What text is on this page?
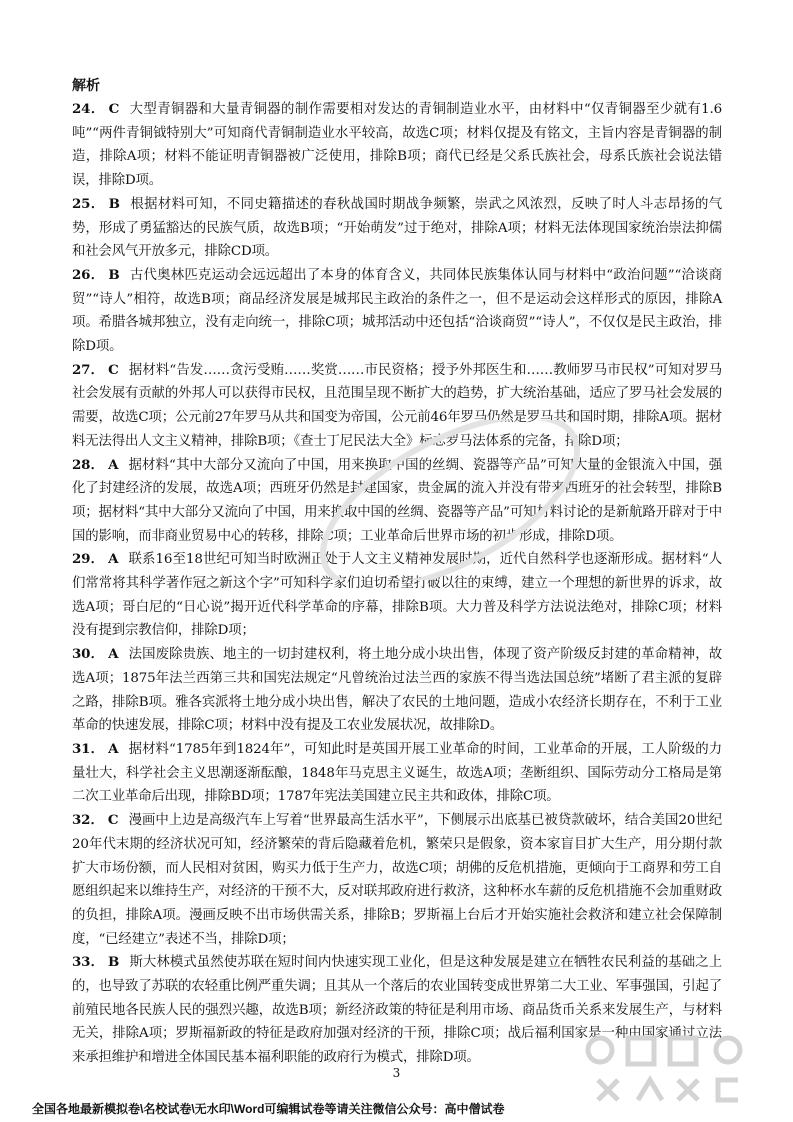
解析

24． C 大型青铜器和大量青铜器的制作需要相对发达的青铜制造业水平，由材料中“仅青铜器至少就有1.6吨”“两件青铜钺特别大”可知商代青铜制造业水平较高，故选C项；材料仅提及有铭文，主旨内容是青铜器的制造，排除A项；材料不能证明青铜器被广泛使用，排除B项；商代已经是父系氏族社会，母系氏族社会说法错误，排除D项。

25． B 根据材料可知，不同史籍描述的春秋战国时期战争频繁，崇武之风浓烈，反映了时人斗志昂扬的气势，形成了勇猛豁达的民族气质，故选B项；“开始萌发”过于绝对，排除A项；材料无法体现国家统治崇法抑儒和社会风气开放多元，排除CD项。

26． B 古代奥林匹克运动会远远超出了本身的体育含义，共同体民族集体认同与材料中“政治问题”“洽谈商贸”“诗人”相符，故选B项；商品经济发展是城邦民主政治的条件之一，但不是运动会这样形式的原因，排除A项。希腊各城邦独立，没有走向统一，排除C项；城邦活动中还包括“洽谈商贸”“诗人”，不仅仅是民主政治，排除D项。

27． C 据材料“告发……贪污受贿……奖赏……市民资格；授予外邦医生和……教师罗马市民权”可知对罗马社会发展有贡献的外邦人可以获得市民权，且范围呈现不断扩大的趋势，扩大统治基础，适应了罗马社会发展的需要，故选C项；公元前27年罗马从共和国变为帝国，公元前46年罗马仍然是罗马共和国时期，排除A项。据材料无法得出人文主义精神，排除B项；《查士丁尼民法大全》标志罗马法体系的完备，排除D项；

28． A 据材料“其中大部分又流向了中国，用来换取中国的丝绸、瓷器等产品”可知大量的金银流入中国，强化了封建经济的发展，故选A项；西班牙仍然是封建国家，贵金属的流入并没有带来西班牙的社会转型，排除B项；据材料“其中大部分又流向了中国，用来换取中国的丝绸、瓷器等产品”可知材料讨论的是新航路开辟对于中国的影响，而非商业贸易中心的转移，排除C项；工业革命后世界市场的初步形成，排除D项。

29． A 联系16至18世纪可知当时欧洲正处于人文主义精神发展时期，近代自然科学也逐渐形成。据材料“人们常常将其科学著作冠之新这个字”可知科学家们迫切希望打破以往的束缚，建立一个理想的新世界的诉求，故选A项；哥白尼的“日心说”揭开近代科学革命的序幕，排除B项。大力普及科学方法说法绝对，排除C项；材料没有提到宗教信仰，排除D项；

30． A 法国废除贵族、地主的一切封建权利，将土地分成小块出售，体现了资产阶级反封建的革命精神，故选A项；1875年法兰西第三共和国宪法规定“凡曾统治过法兰西的家族不得当选法国总统”堵断了君主派的复辟之路，排除B项。雅各宾派将土地分成小块出售，解决了农民的土地问题，造成小农经济长期存在，不利于工业革命的快速发展，排除C项；材料中没有提及工农业发展状况，故排除D。

31． A 据材料“1785年到1824年”，可知此时是英国开展工业革命的时间，工业革命的开展，工人阶级的力量壮大，科学社会主义思潮逐渐酝酿，1848年马克思主义诞生，故选A项；垄断组织、国际劳动分工格局是第二次工业革命后出现，排除BD项；1787年宪法美国建立民主共和政体，排除C项。

32． C 漫画中上边是高级汽车上写着“世界最高生活水平”，下侧展示出底基已被贷款破坏，结合美国20世纪20年代末期的经济状况可知，经济繁荣的背后隐藏着危机，繁荣只是假象，资本家盲目扩大生产，用分期付款扩大市场份额，而人民相对贫困，购买力低于生产力，故选C项；胡佛的反危机措施，更倾向于工商界和劳工自愿组织起来以维持生产，对经济的干预不大，反对联邦政府进行救济，这种杯水车薪的反危机措施不会加重财政的负担，排除A项。漫画反映不出市场供需关系，排除B；罗斯福上台后才开始实施社会救济和建立社会保障制度，“已经建立”表述不当，排除D项；

33． B 斯大林模式虽然使苏联在短时间内快速实现工业化，但是这种发展是建立在牺牲农民利益的基础之上的，也导致了苏联的农轻重比例严重失调；且其从一个落后的农业国转变成世界第二大工业、军事强国，引起了前殖民地各民族人民的强烈兴趣，故选B项；新经济政策的特征是利用市场、商品货币关系来发展生产，与材料无关，排除A项；罗斯福新政的特征是政府加强对经济的干预，排除C项；战后福利国家是一种由国家通过立法来承担维护和增进全体国民基本福利职能的政府行为模式，排除D项。

3
全国各地最新模拟卷\名校试卷\无水印\Word可编辑试卷等请关注微信公众号：高中僧试卷
